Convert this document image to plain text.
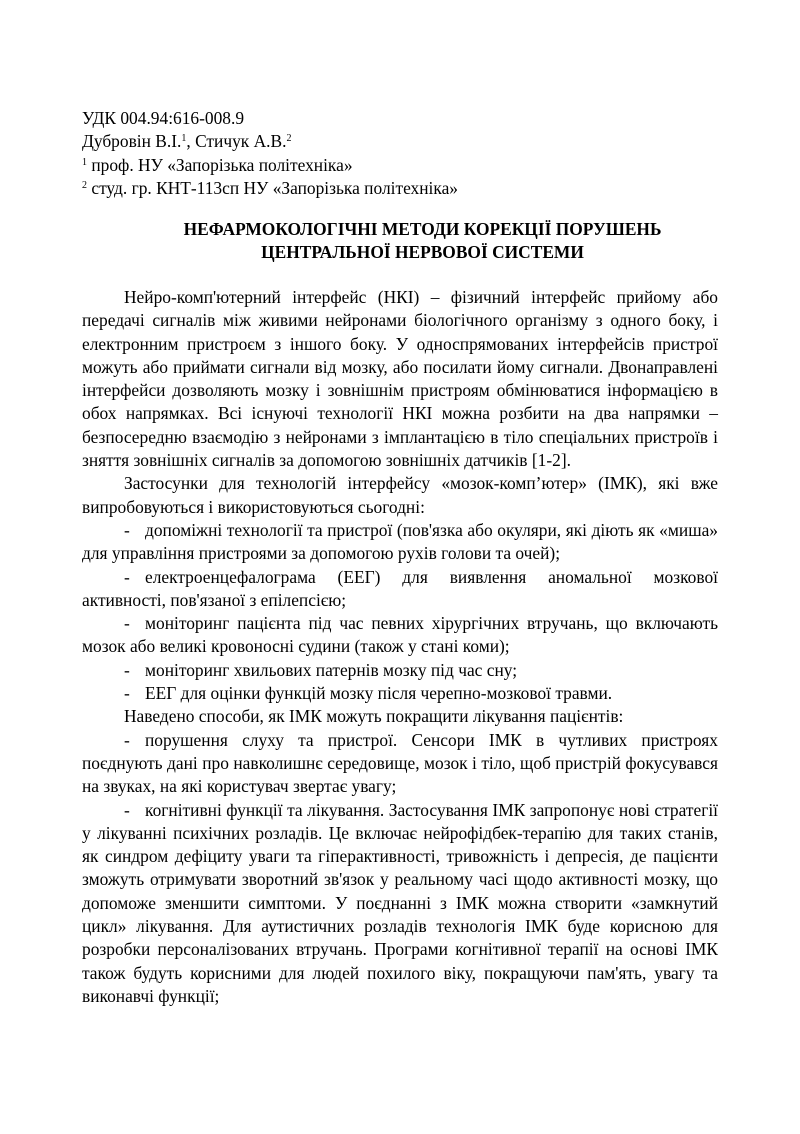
УДК 004.94:616-008.9

Дубровін В.І.$^1$, Стичук А.В.$^2$

$^1$ проф. НУ «Запорізька політехніка»

$^2$ студ. гр. КНТ-113сп НУ «Запорізька політехніка»

НЕФАРМОКОЛОГІЧНІ МЕТОДИ КОРЕКЦІЇ ПОРУШЕНЬ
ЦЕНТРАЛЬНОЇ НЕРВОВОЇ СИСТЕМИ

Нейро-комп'ютерний інтерфейс (НКІ) – фізичний інтерфейс прийому або передачі сигналів між живими нейронами біологічного організму з одного боку, і електронним пристроєм з іншого боку. У односпрямованих інтерфейсів пристрої можуть або приймати сигнали від мозку, або посилати йому сигнали. Двонаправлені інтерфейси дозволяють мозку і зовнішнім пристроям обмінюватися інформацією в обох напрямках. Всі існуючі технології НКІ можна розбити на два напрямки – безпосередню взаємодію з нейронами з імплантацією в тіло спеціальних пристроїв і зняття зовнішніх сигналів за допомогою зовнішніх датчиків [1-2].

Застосунки для технологій інтерфейсу «мозок-комп’ютер» (ІМК), які вже випробовуються і використовуються сьогодні:

- допоміжні технології та пристрої (пов'язка або окуляри, які діють як «миша» для управління пристроями за допомогою рухів голови та очей);

- електроенцефалограма (ЕЕГ) для виявлення аномальної мозкової активності, пов'язаної з епілепсією;

- моніторинг пацієнта під час певних хірургічних втручань, що включають мозок або великі кровоносні судини (також у стані коми);

- моніторинг хвильових патернів мозку під час сну;

- ЕЕГ для оцінки функцій мозку після черепно-мозкової травми.

Наведено способи, як ІМК можуть покращити лікування пацієнтів:

- порушення слуху та пристрої. Сенсори ІМК в чутливих пристроях поєднують дані про навколишнє середовище, мозок і тіло, щоб пристрій фокусувався на звуках, на які користувач звертає увагу;

- когнітивні функції та лікування. Застосування ІМК запропонує нові стратегії у лікуванні психічних розладів. Це включає нейрофідбек-терапію для таких станів, як синдром дефіциту уваги та гіперактивності, тривожність і депресія, де пацієнти зможуть отримувати зворотний зв'язок у реальному часі щодо активності мозку, що допоможе зменшити симптоми. У поєднанні з ІМК можна створити «замкнутий цикл» лікування. Для аутистичних розладів технологія ІМК буде корисною для розробки персоналізованих втручань. Програми когнітивної терапії на основі ІМК також будуть корисними для людей похилого віку, покращуючи пам'ять, увагу та виконавчі функції;
